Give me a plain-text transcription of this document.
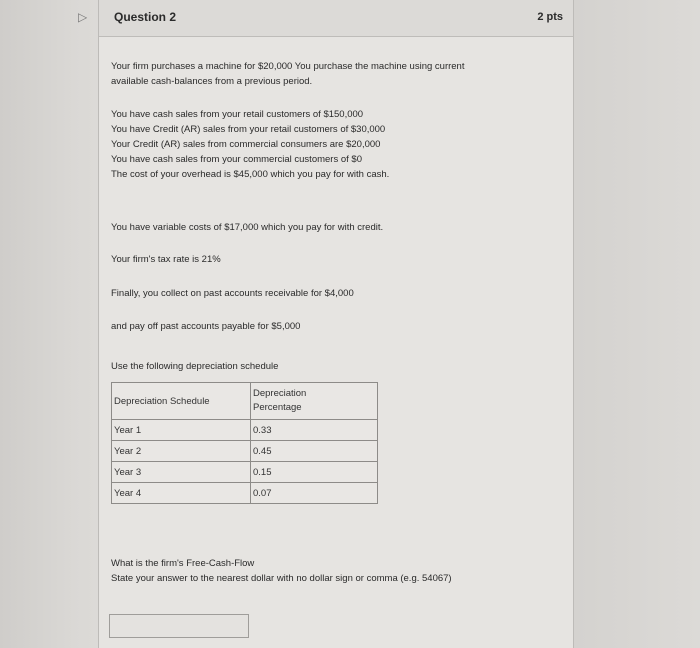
▷	Question 2	2 pts
Your firm purchases a machine for $20,000 You purchase the machine using current
available cash-balances from a previous period.
You have cash sales from your retail customers of $150,000
You have Credit (AR) sales from your retail customers of $30,000
Your Credit (AR) sales from commercial consumers are $20,000
You have cash sales from your commercial customers of $0
The cost of your overhead is $45,000 which you pay for with cash.
You have variable costs of $17,000 which you pay for with credit.
Your firm's tax rate is 21%
Finally, you collect on past accounts receivable for $4,000
and pay off past accounts payable for $5,000
Use the following depreciation schedule
Depreciation Schedule	Depreciation
Percentage

Year 1	0.33
Year 2	0.45
Year 3	0.15
Year 4	0.07
What is the firm's Free-Cash-Flow
State your answer to the nearest dollar with no dollar sign or comma (e.g. 54067)
